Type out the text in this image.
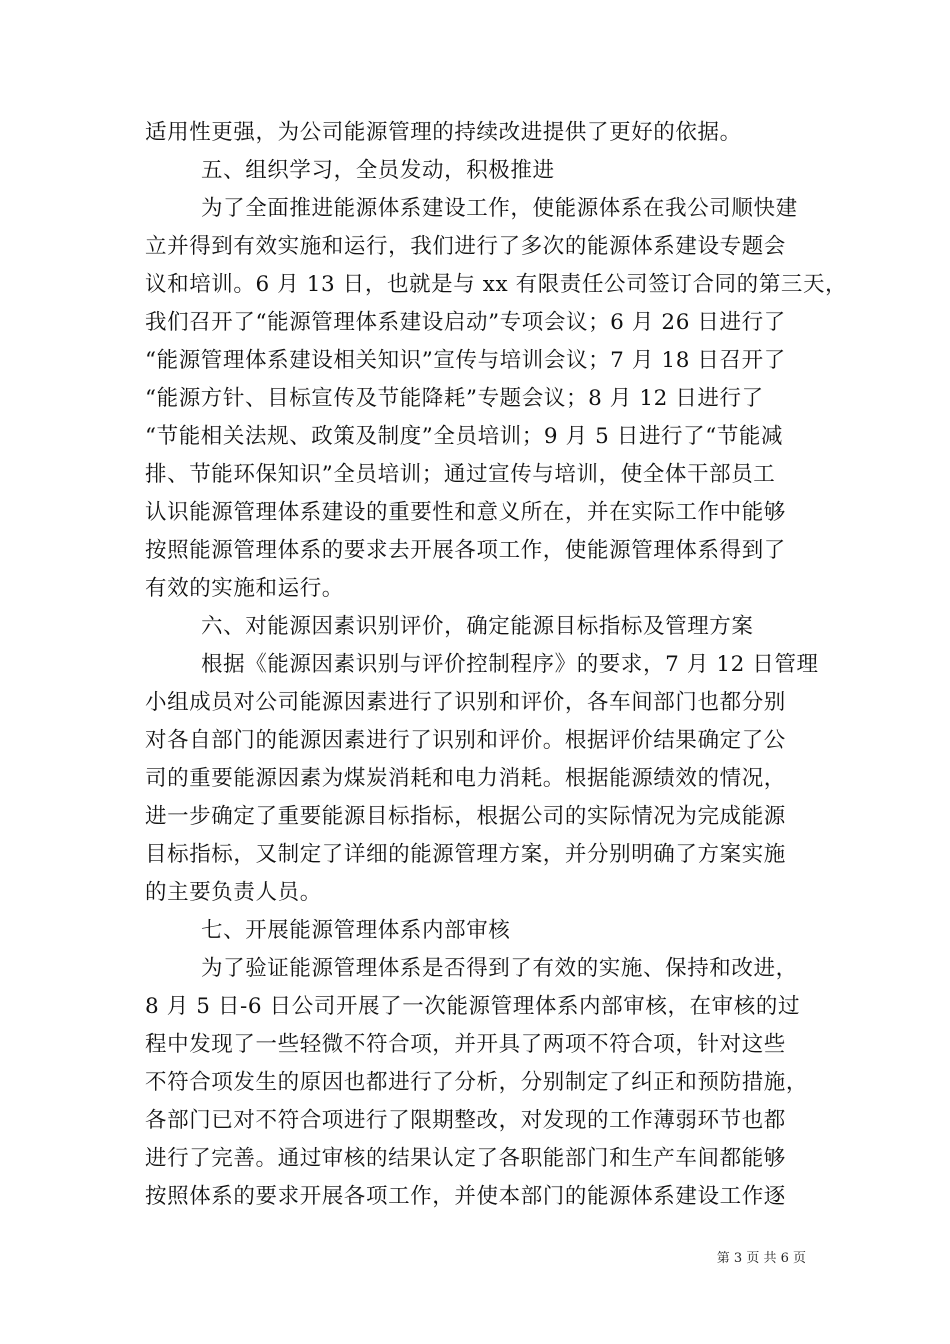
适用性更强，为公司能源管理的持续改进提供了更好的依据。
五、组织学习，全员发动，积极推进
为了全面推进能源体系建设工作，使能源体系在我公司顺快建
立并得到有效实施和运行，我们进行了多次的能源体系建设专题会
议和培训。6 月 13 日，也就是与 xx 有限责任公司签订合同的第三天，
我们召开了“能源管理体系建设启动”专项会议；6 月 26 日进行了
“能源管理体系建设相关知识”宣传与培训会议；7 月 18 日召开了
“能源方针、目标宣传及节能降耗”专题会议；8 月 12 日进行了
“节能相关法规、政策及制度”全员培训；9 月 5 日进行了“节能减
排、节能环保知识”全员培训；通过宣传与培训，使全体干部员工
认识能源管理体系建设的重要性和意义所在，并在实际工作中能够
按照能源管理体系的要求去开展各项工作，使能源管理体系得到了
有效的实施和运行。
六、对能源因素识别评价，确定能源目标指标及管理方案
根据《能源因素识别与评价控制程序》的要求，7 月 12 日管理
小组成员对公司能源因素进行了识别和评价，各车间部门也都分别
对各自部门的能源因素进行了识别和评价。根据评价结果确定了公
司的重要能源因素为煤炭消耗和电力消耗。根据能源绩效的情况，
进一步确定了重要能源目标指标，根据公司的实际情况为完成能源
目标指标，又制定了详细的能源管理方案，并分别明确了方案实施
的主要负责人员。
七、开展能源管理体系内部审核
为了验证能源管理体系是否得到了有效的实施、保持和改进，
8 月 5 日-6 日公司开展了一次能源管理体系内部审核，在审核的过
程中发现了一些轻微不符合项，并开具了两项不符合项，针对这些
不符合项发生的原因也都进行了分析，分别制定了纠正和预防措施，
各部门已对不符合项进行了限期整改，对发现的工作薄弱环节也都
进行了完善。通过审核的结果认定了各职能部门和生产车间都能够
按照体系的要求开展各项工作，并使本部门的能源体系建设工作逐
第 3 页 共 6 页
